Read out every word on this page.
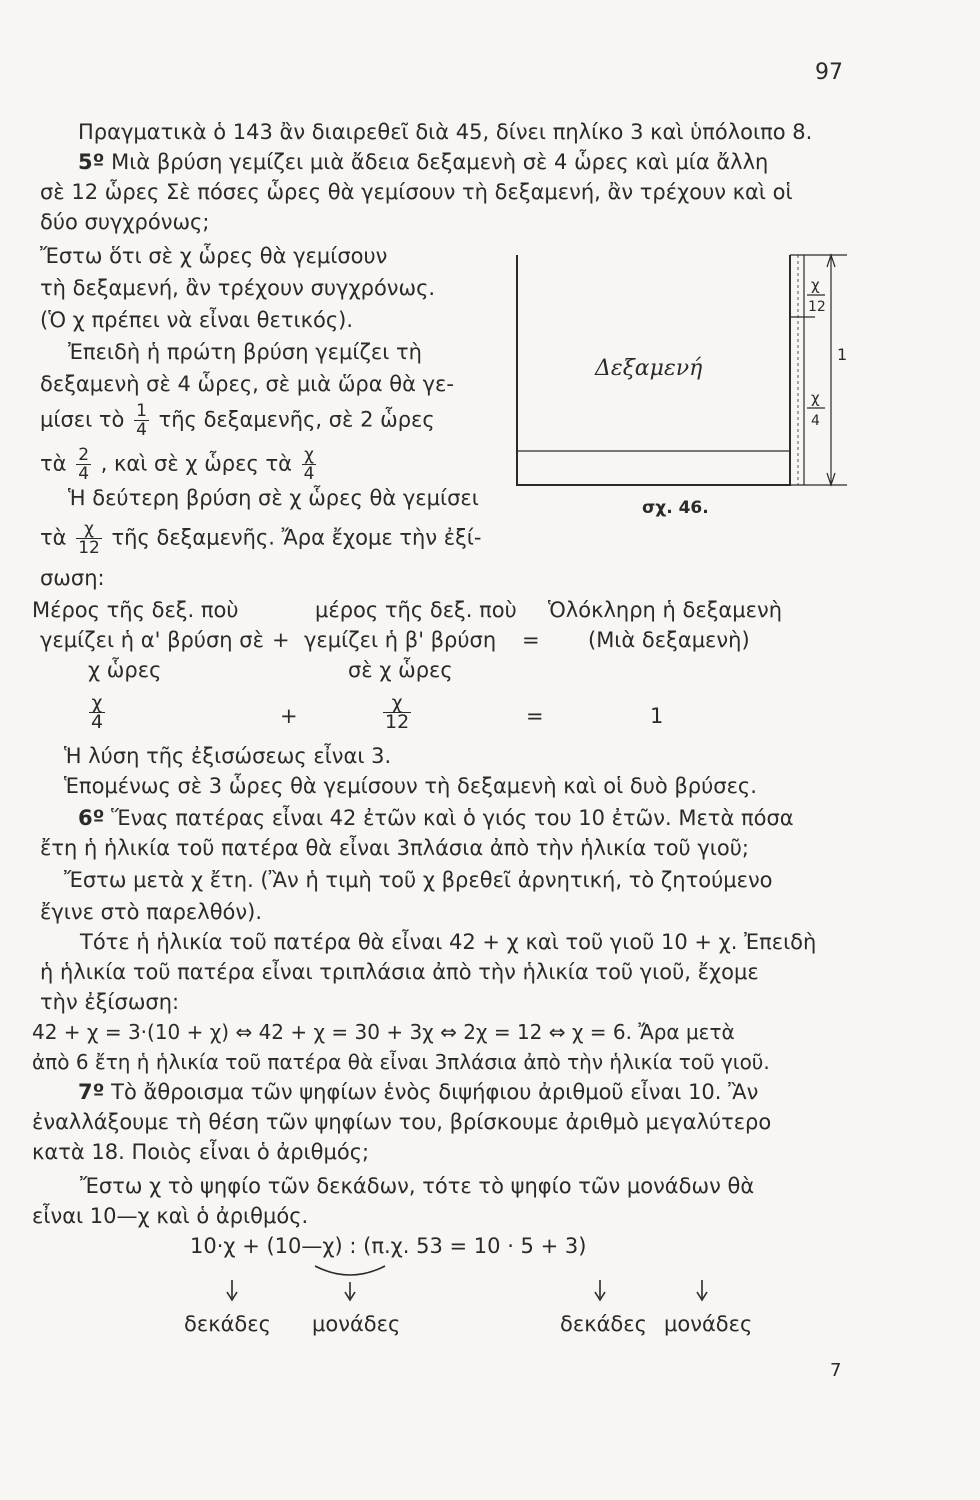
97
Πραγματικὰ ὁ 143 ἂν διαιρεθεῖ διὰ 45, δίνει πηλίκο 3 καὶ ὑπόλοιπο 8.
5º Μιὰ βρύση γεμίζει μιὰ ἄδεια δεξαμενὴ σὲ 4 ὧρες καὶ μία ἄλλη
σὲ 12 ὧρες Σὲ πόσες ὧρες θὰ γεμίσουν τὴ δεξαμενή, ἂν τρέχουν καὶ οἱ
δύο συγχρόνως;
Ἔστω ὅτι σὲ χ ὧρες θὰ γεμίσουν
τὴ δεξαμενή, ἂν τρέχουν συγχρόνως.
(Ὁ χ πρέπει νὰ εἶναι θετικός).
Ἐπειδὴ ἡ πρώτη βρύση γεμίζει τὴ
δεξαμενὴ σὲ 4 ὧρες, σὲ μιὰ ὥρα θὰ γε-
μίσει τὸ $\frac{1}{4}$ τῆς δεξαμενῆς, σὲ 2 ὧρες
τὰ $\frac{2}{4}$ , καὶ σὲ χ ὧρες τὰ $\frac{\chi}{4}$
Ἡ δεύτερη βρύση σὲ χ ὧρες θὰ γεμίσει
τὰ $\frac{\chi}{12}$ τῆς δεξαμενῆς. Ἄρα ἔχομε τὴν ἐξί-
σωση:
Δεξαμενή
χ
12
χ
4
1
σχ. 46.
Μέρος τῆς δεξ. ποὺ	μέρος τῆς δεξ. ποὺ Ὁλόκληρη ἡ δεξαμενὴ
γεμίζει ἡ α' βρύση σὲ + γεμίζει ἡ β' βρύση = (Μιὰ δεξαμενὴ)
χ ὧρες	σὲ χ ὧρες
$\frac{\chi}{4}$	+	$\frac{\chi}{12}$	=	1
Ἡ λύση τῆς ἐξισώσεως εἶναι 3.
Ἑπομένως σὲ 3 ὧρες θὰ γεμίσουν τὴ δεξαμενὴ καὶ οἱ δυὸ βρύσες.
6º Ἕνας πατέρας εἶναι 42 ἐτῶν καὶ ὁ γιός του 10 ἐτῶν. Μετὰ πόσα
ἔτη ἡ ἡλικία τοῦ πατέρα θὰ εἶναι 3πλάσια ἀπὸ τὴν ἡλικία τοῦ γιοῦ;
Ἔστω μετὰ χ ἔτη. (Ἂν ἡ τιμὴ τοῦ χ βρεθεῖ ἀρνητική, τὸ ζητούμενο
ἔγινε στὸ παρελθόν).
Τότε ἡ ἡλικία τοῦ πατέρα θὰ εἶναι 42 + χ καὶ τοῦ γιοῦ 10 + χ. Ἐπειδὴ
ἡ ἡλικία τοῦ πατέρα εἶναι τριπλάσια ἀπὸ τὴν ἡλικία τοῦ γιοῦ, ἔχομε
τὴν ἐξίσωση:
42 + χ = 3·(10 + χ) ⇔ 42 + χ = 30 + 3χ ⇔ 2χ = 12 ⇔ χ = 6. Ἄρα μετὰ
ἀπὸ 6 ἔτη ἡ ἡλικία τοῦ πατέρα θὰ εἶναι 3πλάσια ἀπὸ τὴν ἡλικία τοῦ γιοῦ.
7º Τὸ ἄθροισμα τῶν ψηφίων ἑνὸς διψήφιου ἀριθμοῦ εἶναι 10. Ἂν
ἐναλλάξουμε τὴ θέση τῶν ψηφίων του, βρίσκουμε ἀριθμὸ μεγαλύτερο
κατὰ 18. Ποιὸς εἶναι ὁ ἀριθμός;
Ἔστω χ τὸ ψηφίο τῶν δεκάδων, τότε τὸ ψηφίο τῶν μονάδων θὰ
εἶναι 10—χ καὶ ὁ ἀριθμός.
10·χ + (10—χ) : (π.χ. 53 = 10 · 5 + 3)
δεκάδες μονάδες	δεκάδες μονάδες
7
